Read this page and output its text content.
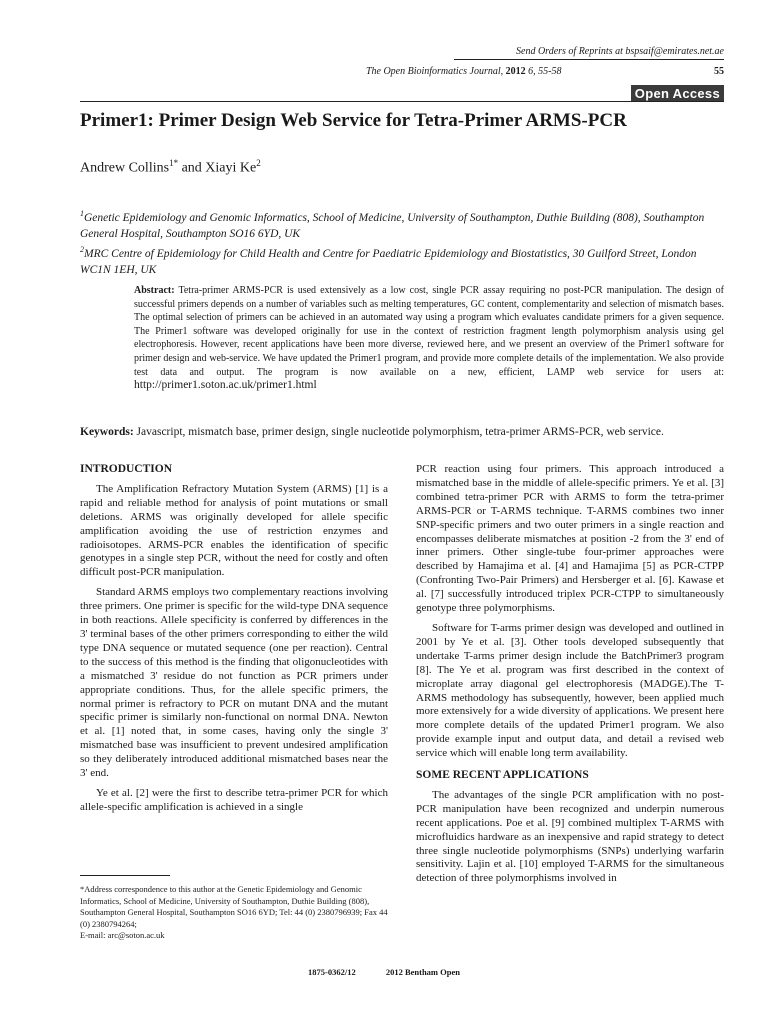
Send Orders of Reprints at bspsaif@emirates.net.ae
The Open Bioinformatics Journal, 2012 6, 55-58	55
Open Access
Primer1: Primer Design Web Service for Tetra-Primer ARMS-PCR
Andrew Collins$^{1*}$ and Xiayi Ke$^2$
$^1$Genetic Epidemiology and Genomic Informatics, School of Medicine, University of Southampton, Duthie Building (808), Southampton General Hospital, Southampton SO16 6YD, UK
$^2$MRC Centre of Epidemiology for Child Health and Centre for Paediatric Epidemiology and Biostatistics, 30 Guilford Street, London WC1N 1EH, UK
Abstract: Tetra-primer ARMS-PCR is used extensively as a low cost, single PCR assay requiring no post-PCR manipulation. The design of successful primers depends on a number of variables such as melting temperatures, GC content, complementarity and selection of mismatch bases. The optimal selection of primers can be achieved in an automated way using a program which evaluates candidate primers for a given sequence. The Primer1 software was developed originally for use in the context of restriction fragment length polymorphism analysis using gel electrophoresis. However, recent applications have been more diverse, reviewed here, and we present an overview of the Primer1 software for primer design and web-service. We have updated the Primer1 program, and provide more complete details of the implementation. We also provide test data and output. The program is now available on a new, efficient, LAMP web service for users at: http://primer1.soton.ac.uk/primer1.html
Keywords: Javascript, mismatch base, primer design, single nucleotide polymorphism, tetra-primer ARMS-PCR, web service.
INTRODUCTION

The Amplification Refractory Mutation System (ARMS) [1] is a rapid and reliable method for analysis of point mutations or small deletions. ARMS was originally developed for allele specific amplification avoiding the use of restriction enzymes and radioisotopes. ARMS-PCR enables the identification of specific genotypes in a single step PCR, without the need for costly and often difficult post-PCR manipulation.

Standard ARMS employs two complementary reactions involving three primers. One primer is specific for the wild-type DNA sequence in both reactions. Allele specificity is conferred by differences in the 3' terminal bases of the other primers corresponding to either the wild type DNA sequence or mutated sequence (one per reaction). Central to the success of this method is the finding that oligonucleotides with a mismatched 3' residue do not function as PCR primers under appropriate conditions. Thus, for the allele specific primers, the normal primer is refractory to PCR on mutant DNA and the mutant specific primer is similarly non-functional on normal DNA. Newton et al. [1] noted that, in some cases, having only the single 3' mismatched base was insufficient to prevent undesired amplification so they deliberately introduced additional mismatched bases near the 3' end.

Ye et al. [2] were the first to describe tetra-primer PCR for which allele-specific amplification is achieved in a single

PCR reaction using four primers. This approach introduced a mismatched base in the middle of allele-specific primers. Ye et al. [3] combined tetra-primer PCR with ARMS to form the tetra-primer ARMS-PCR or T-ARMS technique. T-ARMS combines two inner SNP-specific primers and two outer primers in a single reaction and encompasses deliberate mismatches at position -2 from the 3' end of inner primers. Other single-tube four-primer approaches were described by Hamajima et al. [4] and Hamajima [5] as PCR-CTPP (Confronting Two-Pair Primers) and Hersberger et al. [6]. Kawase et al. [7] successfully introduced triplex PCR-CTPP to simultaneously genotype three polymorphisms.

Software for T-arms primer design was developed and outlined in 2001 by Ye et al. [3]. Other tools developed subsequently that undertake T-arms primer design include the BatchPrimer3 program [8]. The Ye et al. program was first described in the context of microplate array diagonal gel electrophoresis (MADGE).The T-ARMS methodology has subsequently, however, been applied much more extensively for a wide diversity of applications. We present here more complete details of the updated Primer1 program. We also provide example input and output data, and detail a revised web service which will enable long term availability.

SOME RECENT APPLICATIONS

The advantages of the single PCR amplification with no post-PCR manipulation have been recognized and underpin numerous recent applications. Poe et al. [9] combined multiplex T-ARMS with microfluidics hardware as an inexpensive and rapid strategy to detect three single nucleotide polymorphisms (SNPs) underlying warfarin sensitivity. Lajin et al. [10] employed T-ARMS for the simultaneous detection of three polymorphisms involved in

*Address correspondence to this author at the Genetic Epidemiology and Genomic Informatics, School of Medicine, University of Southampton, Duthie Building (808), Southampton General Hospital, Southampton SO16 6YD; Tel: 44 (0) 2380796939; Fax 44 (0) 2380794264;
E-mail: arc@soton.ac.uk
1875-0362/12	2012 Bentham Open
